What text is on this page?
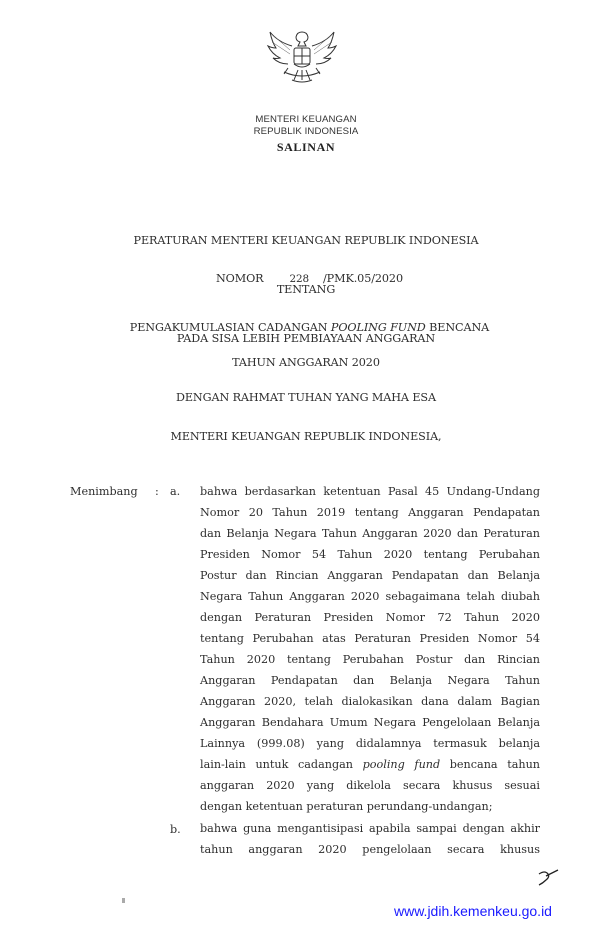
MENTERI KEUANGAN
REPUBLIK INDONESIA
SALINAN
PERATURAN MENTERI KEUANGAN REPUBLIK INDONESIA

NOMOR	228 /PMK.05/2020

TENTANG

PENGAKUMULASIAN CADANGAN POOLING FUND BENCANA

PADA SISA LEBIH PEMBIAYAAN ANGGARAN
TAHUN ANGGARAN 2020
DENGAN RAHMAT TUHAN YANG MAHA ESA
MENTERI KEUANGAN REPUBLIK INDONESIA,
Menimbang : a. bahwa berdasarkan ketentuan Pasal 45 Undang-Undang
Nomor 20 Tahun 2019 tentang Anggaran Pendapatan
dan Belanja Negara Tahun Anggaran 2020 dan Peraturan
Presiden Nomor 54 Tahun 2020 tentang Perubahan
Postur dan Rincian Anggaran Pendapatan dan Belanja
Negara Tahun Anggaran 2020 sebagaimana telah diubah
dengan Peraturan Presiden Nomor 72 Tahun 2020
tentang Perubahan atas Peraturan Presiden Nomor 54
Tahun 2020 tentang Perubahan Postur dan Rincian
Anggaran Pendapatan dan Belanja Negara Tahun
Anggaran 2020, telah dialokasikan dana dalam Bagian
Anggaran Bendahara Umum Negara Pengelolaan Belanja
Lainnya (999.08) yang didalamnya termasuk belanja
lain-lain untuk cadangan pooling fund bencana tahun
anggaran 2020 yang dikelola secara khusus sesuai
dengan ketentuan peraturan perundang-undangan;
b. bahwa guna mengantisipasi apabila sampai dengan akhir
tahun anggaran 2020 pengelolaan secara khusus
www.jdih.kemenkeu.go.id
